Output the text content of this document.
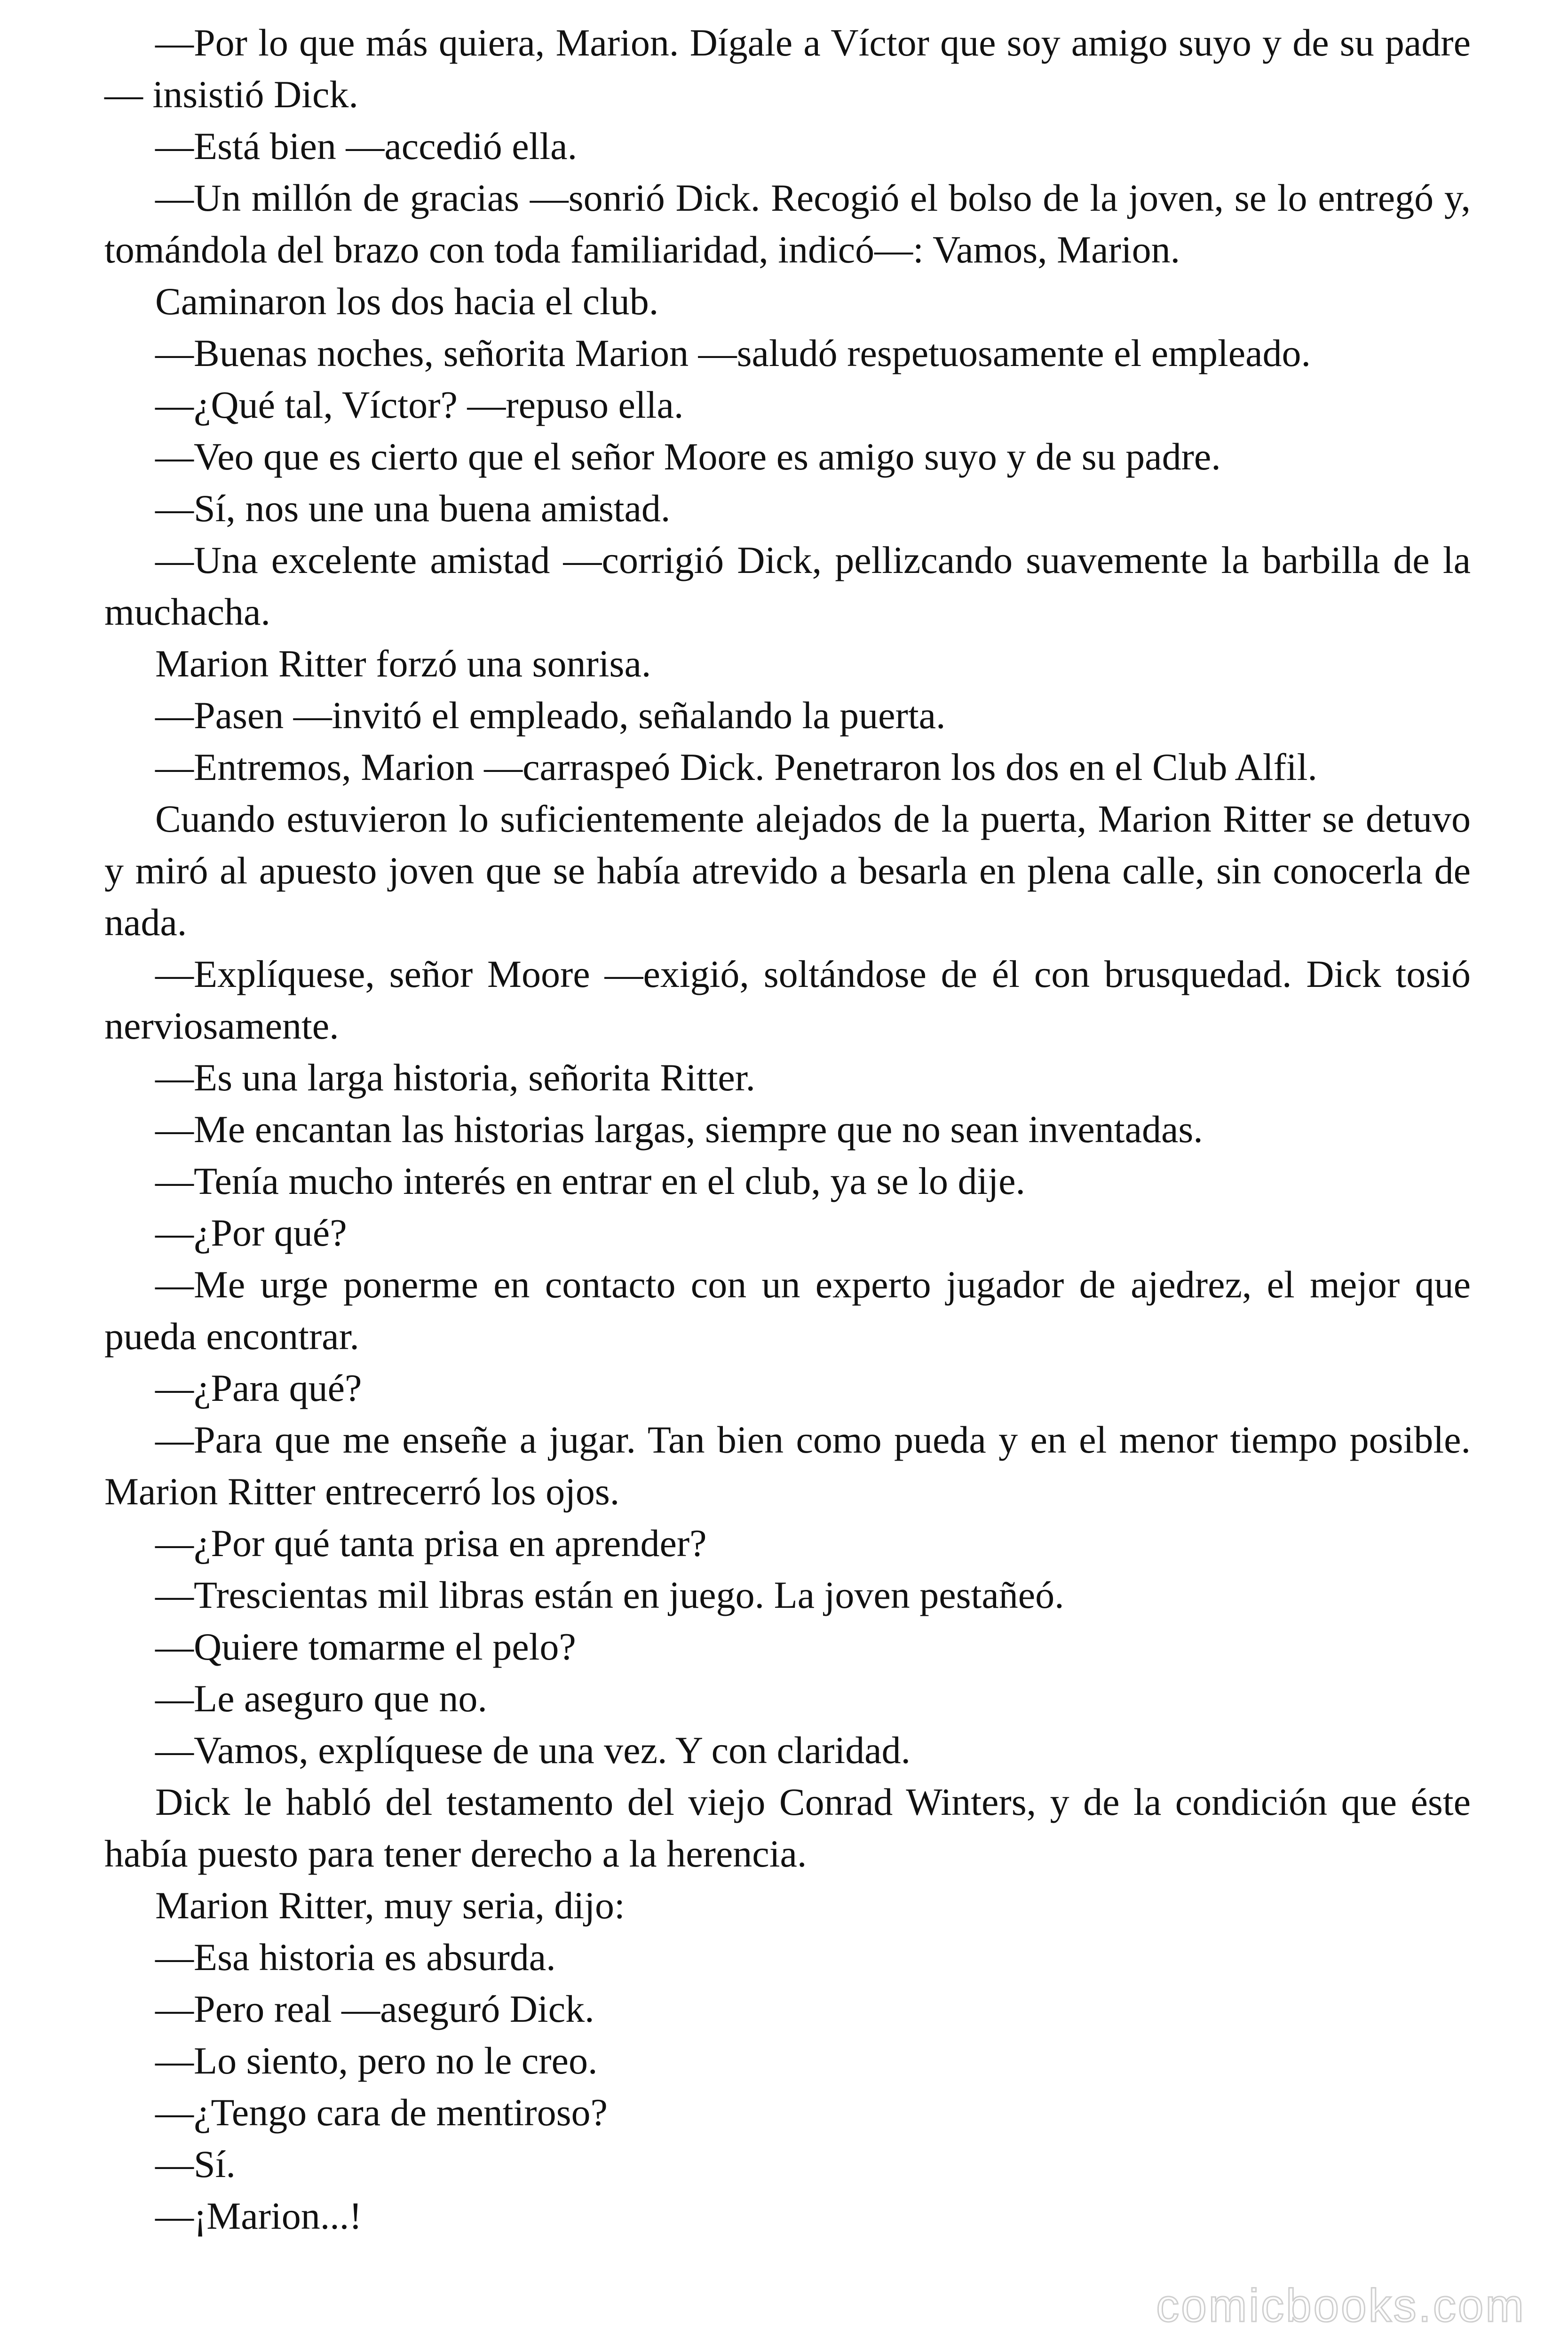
—Por lo que más quiera, Marion. Dígale a Víctor que soy amigo suyo y de su padre — insistió Dick.

—Está bien —accedió ella.

—Un millón de gracias —sonrió Dick. Recogió el bolso de la joven, se lo entregó y, tomándola del brazo con toda familiaridad, indicó—: Vamos, Marion.

Caminaron los dos hacia el club.

—Buenas noches, señorita Marion —saludó respetuosamente el empleado.

—¿Qué tal, Víctor? —repuso ella.

—Veo que es cierto que el señor Moore es amigo suyo y de su padre.

—Sí, nos une una buena amistad.

—Una excelente amistad —corrigió Dick, pellizcando suavemente la barbilla de la muchacha.

Marion Ritter forzó una sonrisa.

—Pasen —invitó el empleado, señalando la puerta.

—Entremos, Marion —carraspeó Dick. Penetraron los dos en el Club Alfil.

Cuando estuvieron lo suficientemente alejados de la puerta, Marion Ritter se detuvo y miró al apuesto joven que se había atrevido a besarla en plena calle, sin conocerla de nada.

—Explíquese, señor Moore —exigió, soltándose de él con brusquedad. Dick tosió nerviosamente.

—Es una larga historia, señorita Ritter.

—Me encantan las historias largas, siempre que no sean inventadas.

—Tenía mucho interés en entrar en el club, ya se lo dije.

—¿Por qué?

—Me urge ponerme en contacto con un experto jugador de ajedrez, el mejor que pueda encontrar.

—¿Para qué?

—Para que me enseñe a jugar. Tan bien como pueda y en el menor tiempo posible. Marion Ritter entrecerró los ojos.

—¿Por qué tanta prisa en aprender?

—Trescientas mil libras están en juego. La joven pestañeó.

—Quiere tomarme el pelo?

—Le aseguro que no.

—Vamos, explíquese de una vez. Y con claridad.

Dick le habló del testamento del viejo Conrad Winters, y de la condición que éste había puesto para tener derecho a la herencia.

Marion Ritter, muy seria, dijo:

—Esa historia es absurda.

—Pero real —aseguró Dick.

—Lo siento, pero no le creo.

—¿Tengo cara de mentiroso?

—Sí.

—¡Marion...!

comicbooks.com
